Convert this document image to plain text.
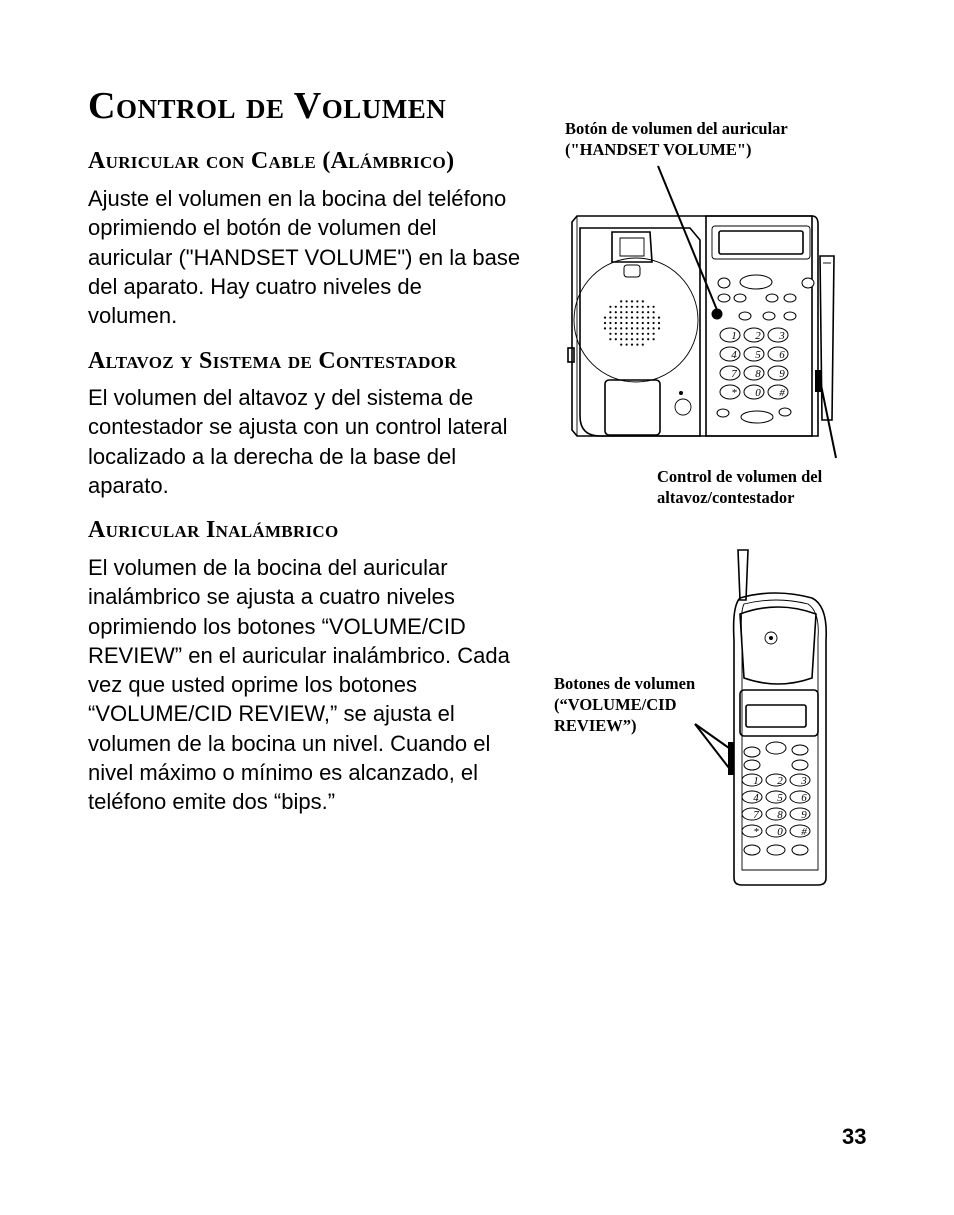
Control de Volumen
Auricular con Cable (Alámbrico)
Ajuste el volumen en la bocina del teléfono
oprimiendo el botón de volumen del
auricular ("HANDSET VOLUME") en la base
del aparato. Hay cuatro niveles de
volumen.
Altavoz y Sistema de Contestador
El volumen del altavoz y del sistema de
contestador se ajusta con un control lateral
localizado a la derecha de la base del
aparato.
Auricular Inalámbrico
El volumen de la bocina del auricular
inalámbrico se ajusta a cuatro niveles
oprimiendo los botones “VOLUME/CID
REVIEW” en el auricular inalámbrico. Cada
vez que usted oprime los botones
“VOLUME/CID REVIEW,” se ajusta el
volumen de la bocina un nivel. Cuando el
nivel máximo o mínimo es alcanzado, el
teléfono emite dos “bips.”
Botón de volumen del auricular
("HANDSET VOLUME")
Control de volumen del
altavoz/contestador
Botones de volumen
(“VOLUME/CID
REVIEW”)
1 2 3
4 5 6
7 8 9
* 0 #
1 2 3
4 5 6
7 8 9
* 0 #
33
